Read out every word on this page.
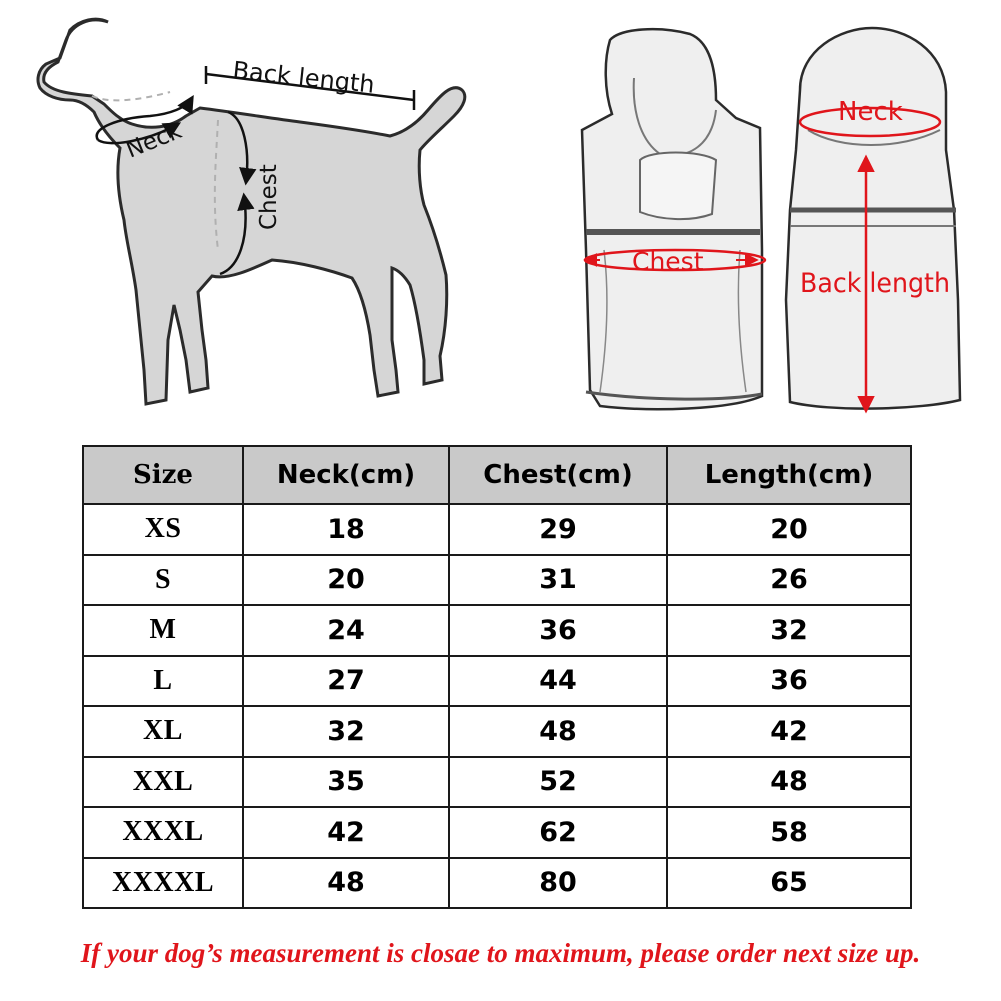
Back length
Neck
Chest
Chest
Neck
Back length
Size	Neck(cm)	Chest(cm)	Length(cm)
XS	18	29	20
S	20	31	26
M	24	36	32
L	27	44	36
XL	32	48	42
XXL	35	52	48
XXXL	42	62	58
XXXXL	48	80	65
If your dog’s measurement is closae to maximum, please order next size up.
